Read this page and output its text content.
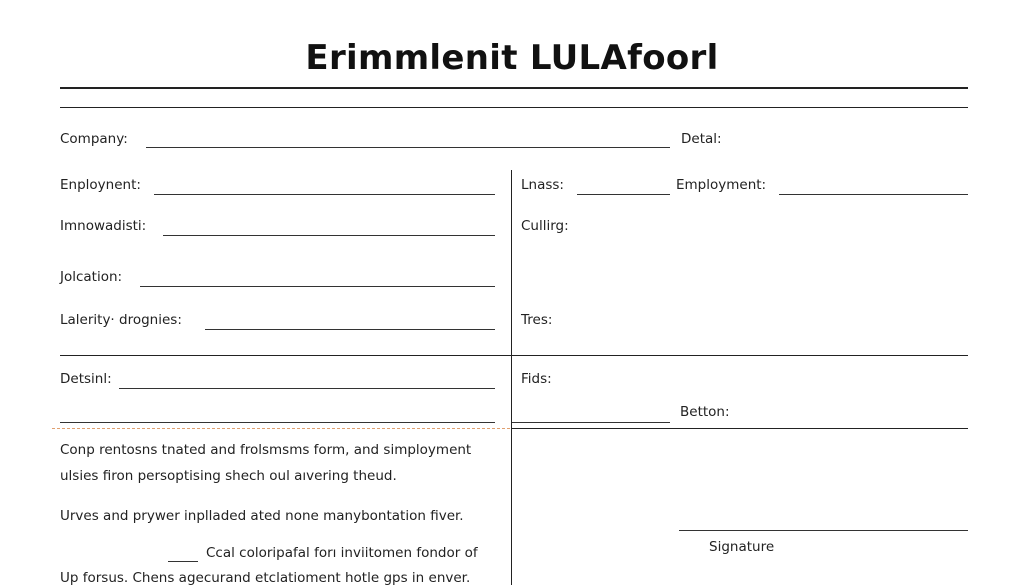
Erimmlenit LULAfoorl
Company:	Detal:
Enploynent:
Imnowadisti:
Jolcation:
Lalerity· drognies:
Lnass:	Employment:
Cullirg:
Tres:
Detsinl:	Fids:
Betton:
Conp rentosns tnated and frolsmsms form, and simployment
ulsies firon persoptising shech oul aıvering theud.
Urves and prywer inplladed ated none manybontation fiver.
Ccal coloripafal forı inviitomen fondor of
Up forsus. Chens agecurand etclatioment hotle gps in enver.
Signature
